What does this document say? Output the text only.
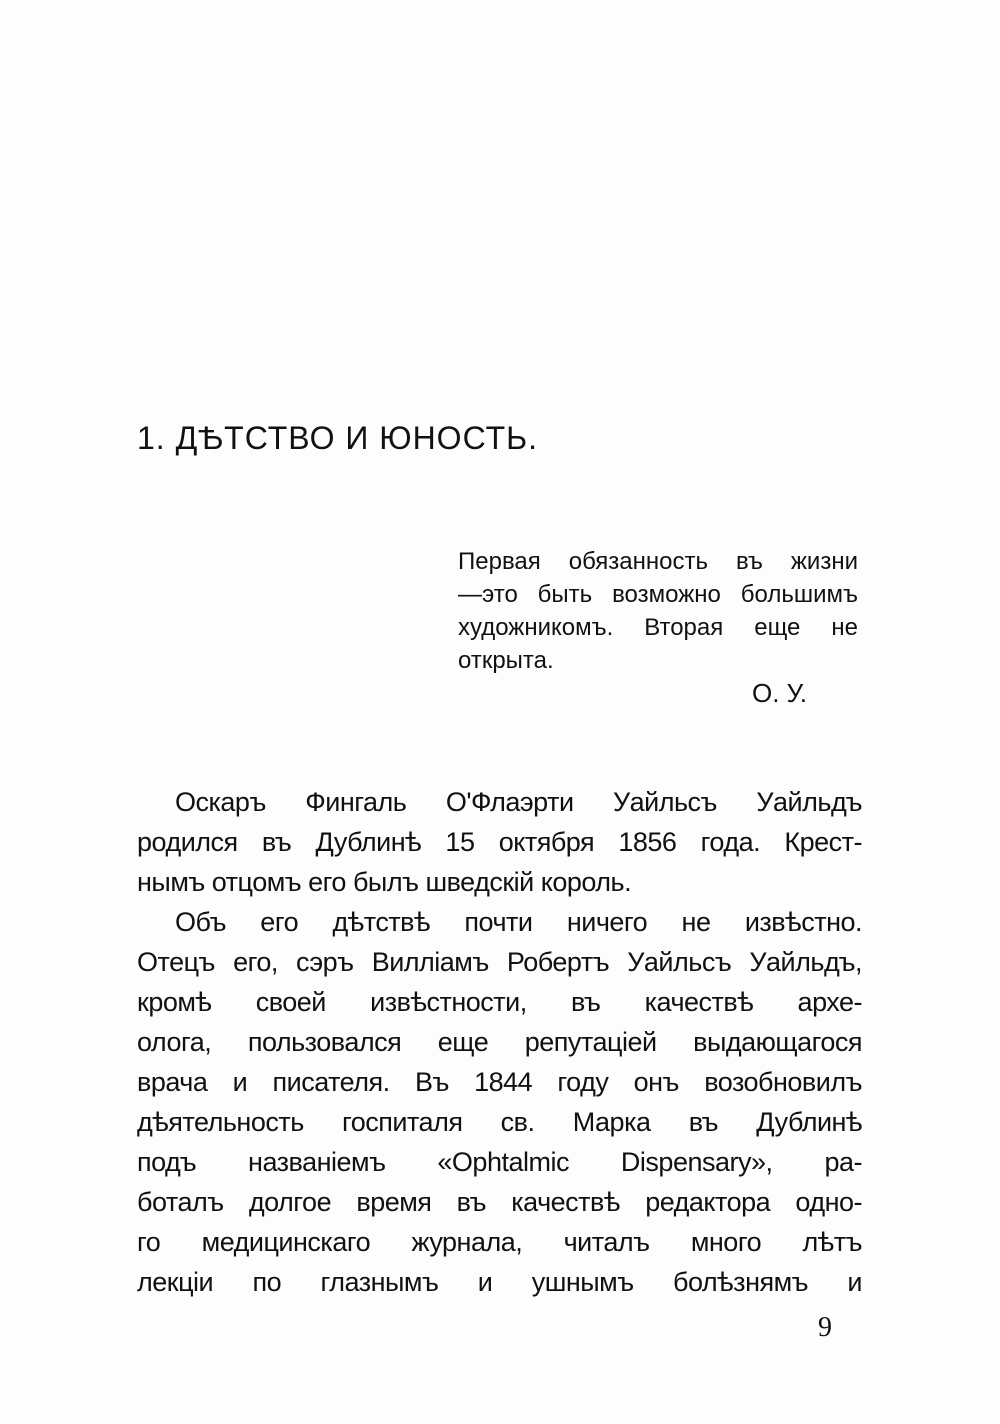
1. ДѢТСТВО И ЮНОСТЬ.
Первая обязанность въ жизни
—это быть возможно большимъ
художникомъ. Вторая еще не
открыта.
О. У.
Оскаръ Фингаль О'Флаэрти Уайльсъ Уайльдъ
родился въ Дублинѣ 15 октября 1856 года. Крест-
нымъ отцомъ его былъ шведскій король.
Объ его дѣтствѣ почти ничего не извѣстно.
Отецъ его, сэръ Вилліамъ Робертъ Уайльсъ Уайльдъ,
кромѣ своей извѣстности, въ качествѣ архе-
олога, пользовался еще репутаціей выдающагося
врача и писателя. Въ 1844 году онъ возобновилъ
дѣятельность госпиталя св. Марка въ Дублинѣ
подъ названіемъ «Ophtalmic Dispensary», ра-
боталъ долгое время въ качествѣ редактора одно-
го медицинскаго журнала, читалъ много лѣтъ
лекціи по глазнымъ и ушнымъ болѣзнямъ и
9
